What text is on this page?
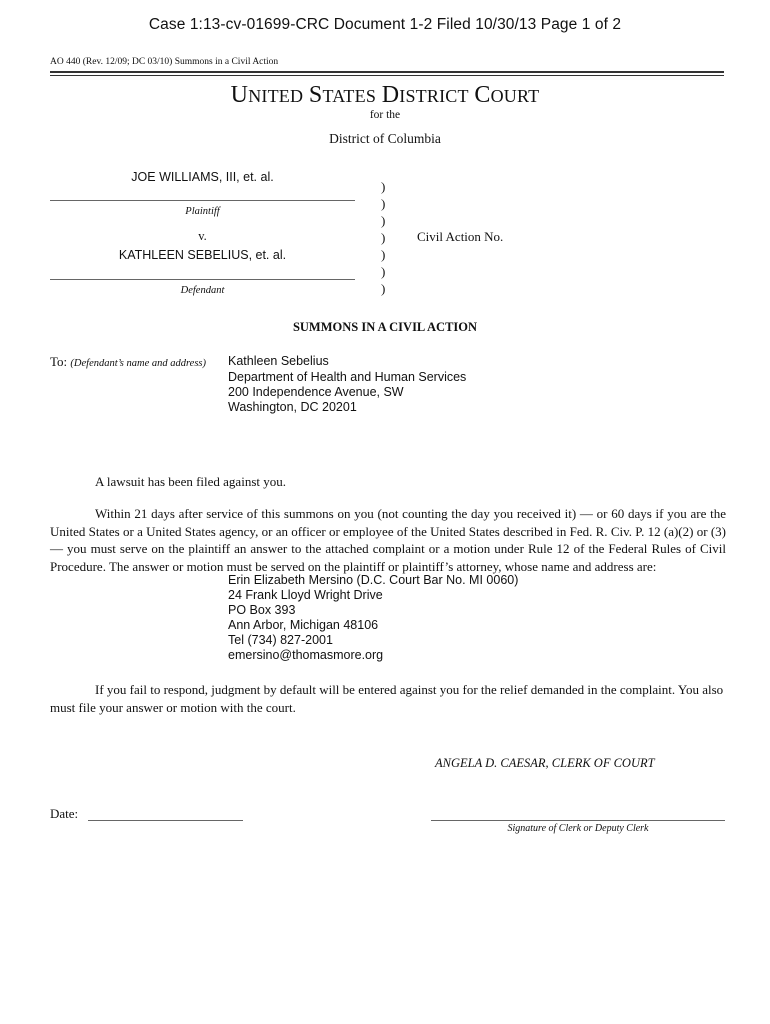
Case 1:13-cv-01699-CRC Document 1-2 Filed 10/30/13 Page 1 of 2
AO 440 (Rev. 12/09; DC 03/10) Summons in a Civil Action
UNITED STATES DISTRICT COURT
for the
District of Columbia
JOE WILLIAMS, III, et. al.
Plaintiff
v.
KATHLEEN SEBELIUS, et. al.
Defendant
)
)
)
)
)
)
)
Civil Action No.
SUMMONS IN A CIVIL ACTION
To: (Defendant’s name and address) Kathleen Sebelius
Department of Health and Human Services
200 Independence Avenue, SW
Washington, DC 20201
A lawsuit has been filed against you.
Within 21 days after service of this summons on you (not counting the day you received it) — or 60 days if you are the United States or a United States agency, or an officer or employee of the United States described in Fed. R. Civ. P. 12 (a)(2) or (3) — you must serve on the plaintiff an answer to the attached complaint or a motion under Rule 12 of the Federal Rules of Civil Procedure. The answer or motion must be served on the plaintiff or plaintiff’s attorney, whose name and address are:
Erin Elizabeth Mersino (D.C. Court Bar No. MI 0060)
24 Frank Lloyd Wright Drive
PO Box 393
Ann Arbor, Michigan 48106
Tel (734) 827-2001
emersino@thomasmore.org
If you fail to respond, judgment by default will be entered against you for the relief demanded in the complaint. You also must file your answer or motion with the court.
ANGELA D. CAESAR, CLERK OF COURT
Date:
Signature of Clerk or Deputy Clerk
